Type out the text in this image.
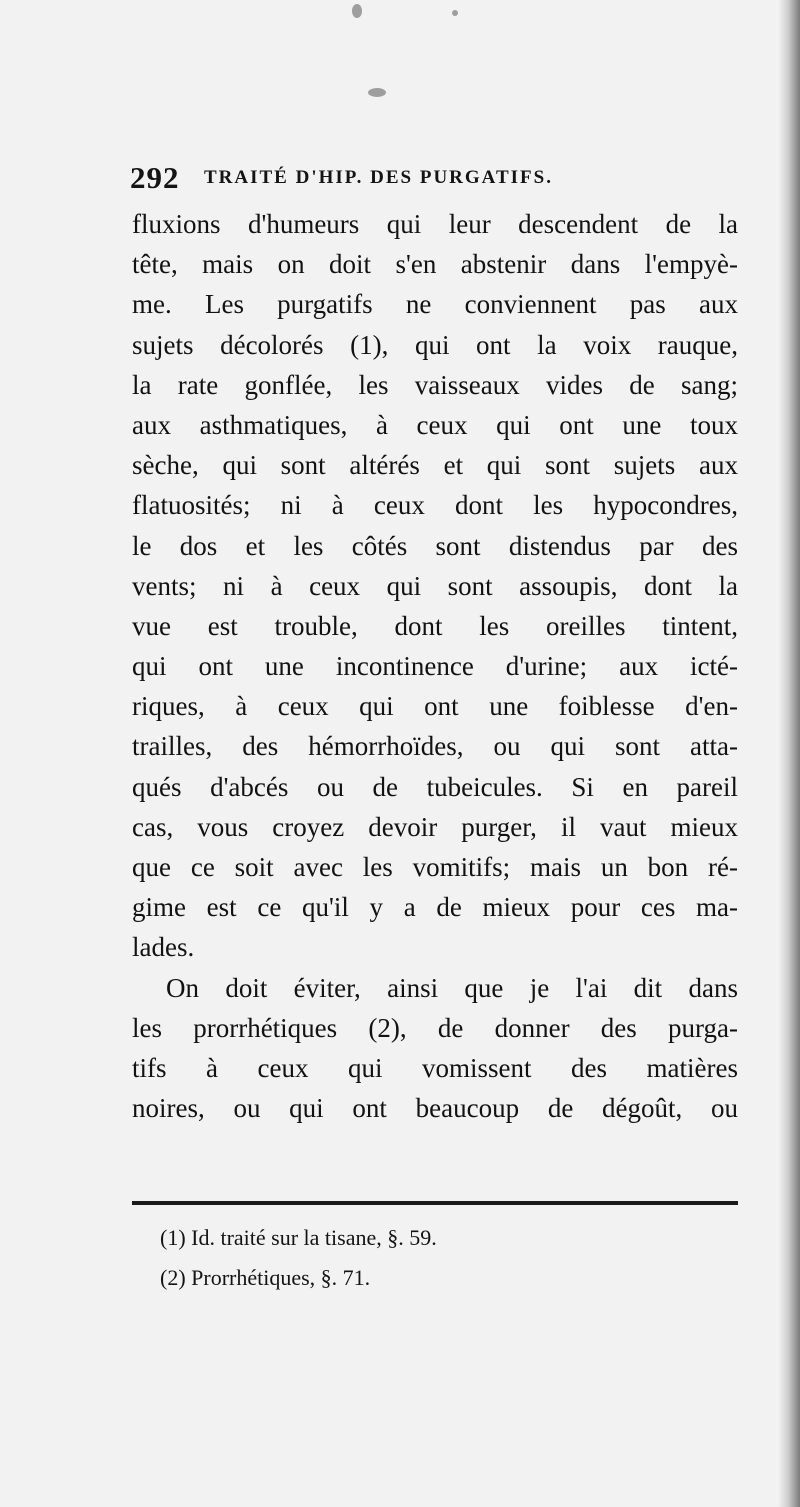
292 TRAITÉ D'HIP. DES PURGATIFS.

fluxions d'humeurs qui leur descendent de la
tête, mais on doit s'en abstenir dans l'empyè-
me. Les purgatifs ne conviennent pas aux
sujets décolorés (1), qui ont la voix rauque,
la rate gonflée, les vaisseaux vides de sang;
aux asthmatiques, à ceux qui ont une toux
sèche, qui sont altérés et qui sont sujets aux
flatuosités; ni à ceux dont les hypocondres,
le dos et les côtés sont distendus par des
vents; ni à ceux qui sont assoupis, dont la
vue est trouble, dont les oreilles tintent,
qui ont une incontinence d'urine; aux icté-
riques, à ceux qui ont une foiblesse d'en-
trailles, des hémorrhoïdes, ou qui sont atta-
qués d'abcés ou de tubeicules. Si en pareil
cas, vous croyez devoir purger, il vaut mieux
que ce soit avec les vomitifs; mais un bon ré-
gime est ce qu'il y a de mieux pour ces ma-
lades.

On doit éviter, ainsi que je l'ai dit dans
les prorrhétiques (2), de donner des purga-
tifs à ceux qui vomissent des matières
noires, ou qui ont beaucoup de dégoût, ou

(1) Id. traité sur la tisane, §. 59.
(2) Prorrhétiques, §. 71.
